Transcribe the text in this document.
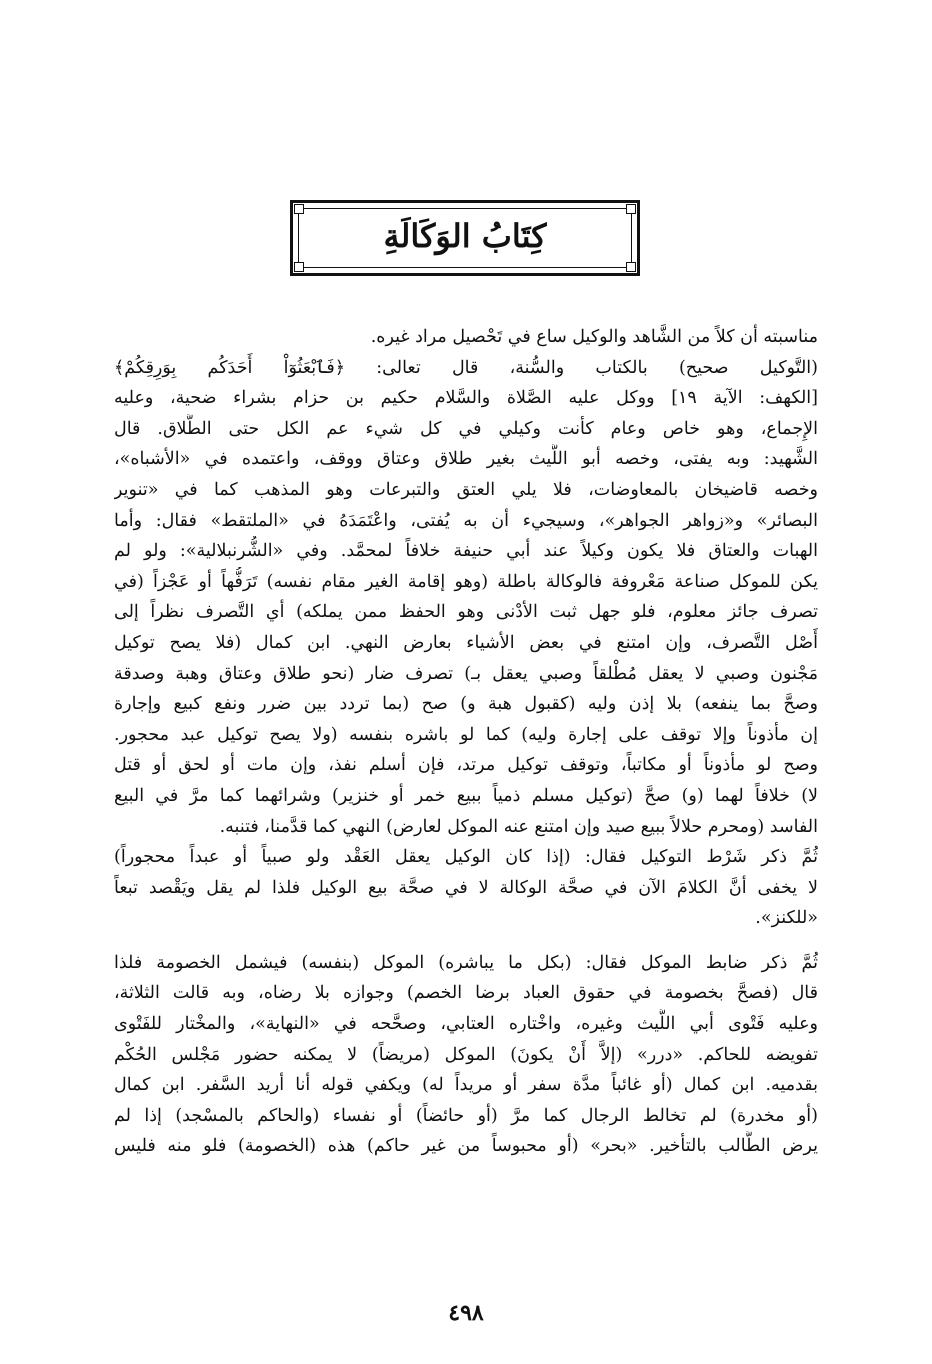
كِتَابُ الوَكَالَةِ
مناسبته أن كلاً من الشَّاهد والوكيل ساع في تَحْصيل مراد غيره.
(التَّوكيل صحيح) بالكتاب والسُّنة، قال تعالى: ﴿فَٱبْعَثُوٓاْ أَحَدَكُم بِوَرِقِكُمْ﴾
[الكهف: الآية ١٩] ووكل عليه الصَّلاة والسَّلام حكيم بن حزام بشراء ضحية، وعليه
الإِجماع، وهو خاص وعام كأنت وكيلي في كل شيء عم الكل حتى الطَّلاق. قال
الشَّهيد: وبه يفتى، وخصه أبو اللَّيث بغير طلاق وعتاق ووقف، واعتمده في «الأشباه»،
وخصه قاضيخان بالمعاوضات، فلا يلي العتق والتبرعات وهو المذهب كما في «تنوير
البصائر» و«زواهر الجواهر»، وسيجيء أن به يُفتى، واعْتَمَدَهُ في «الملتقط» فقال: وأما
الهبات والعتاق فلا يكون وكيلاً عند أبي حنيفة خلافاً لمحمَّد. وفي «الشُّرنبلالية»: ولو لم
يكن للموكل صناعة مَعْروفة فالوكالة باطلة (وهو إقامة الغير مقام نفسه) تَرَفُّهاً أو عَجْزاً (في
تصرف جائز معلوم، فلو جهل ثبت الأدْنى وهو الحفظ ممن يملكه) أي التَّصرف نظراً إلى
أَصْل التَّصرف، وإن امتنع في بعض الأشياء بعارض النهي. ابن كمال (فلا يصح توكيل
مَجْنون وصبي لا يعقل مُطْلقاً وصبي يعقل بـ) تصرف ضار (نحو طلاق وعتاق وهبة وصدقة
وصحَّ بما ينفعه) بلا إذن وليه (كقبول هبة و) صح (بما تردد بين ضرر ونفع كبيع وإجارة
إن مأذوناً وإلا توقف على إجارة وليه) كما لو باشره بنفسه (ولا يصح توكيل عبد محجور.
وصح لو مأذوناً أو مكاتباً، وتوقف توكيل مرتد، فإن أسلم نفذ، وإن مات أو لحق أو قتل
لا) خلافاً لهما (و) صحَّ (توكيل مسلم ذمياً ببيع خمر أو خنزير) وشرائهما كما مرَّ في البيع
الفاسد (ومحرم حلالاً ببيع صيد وإن امتنع عنه الموكل لعارض) النهي كما قدَّمنا، فتنبه.
ثُمَّ ذكر شَرْط التوكيل فقال: (إذا كان الوكيل يعقل العَقْد ولو صبياً أو عبداً محجوراً)
لا يخفى أنَّ الكلامَ الآن في صحَّة الوكالة لا في صحَّة بيع الوكيل فلذا لم يقل ويَقْصد تبعاً
«للكنز».
ثُمَّ ذكر ضابط الموكل فقال: (بكل ما يباشره) الموكل (بنفسه) فيشمل الخصومة فلذا
قال (فصحَّ بخصومة في حقوق العباد برضا الخصم) وجوازه بلا رضاه، وبه قالت الثلاثة،
وعليه فَتْوى أبي اللَّيث وغيره، واخْتاره العتابي، وصحَّحه في «النهاية»، والمخْتار للفَتْوى
تفويضه للحاكم. «درر» (إلاَّ أَنْ يكونَ) الموكل (مريضاً) لا يمكنه حضور مَجْلس الحُكْم
بقدميه. ابن كمال (أو غائباً مدَّة سفر أو مريداً له) ويكفي قوله أنا أريد السَّفر. ابن كمال
(أو مخدرة) لم تخالط الرجال كما مرَّ (أو حائضاً) أو نفساء (والحاكم بالمسْجد) إذا لم
يرض الطَّالب بالتأخير. «بحر» (أو محبوساً من غير حاكم) هذه (الخصومة) فلو منه فليس
٤٩٨
